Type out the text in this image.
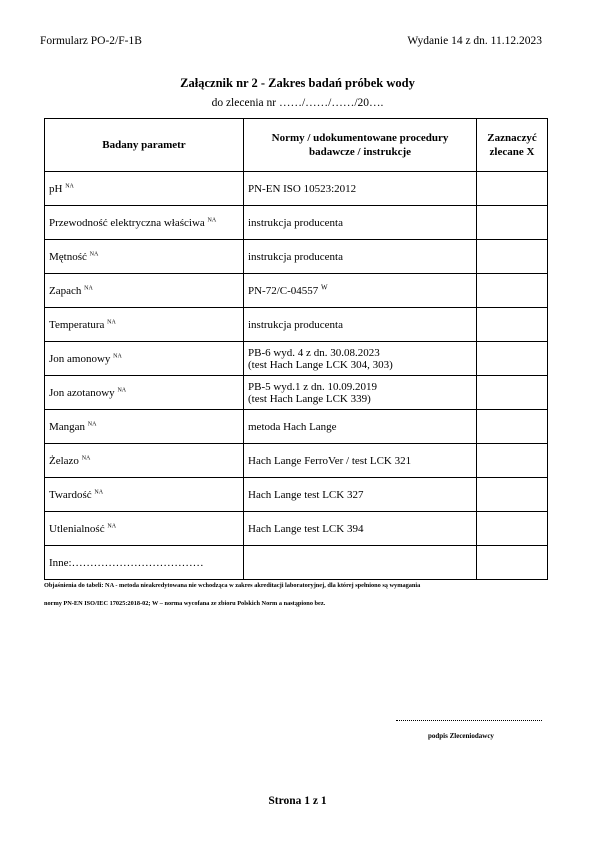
Formularz PO-2/F-1B	Wydanie 14 z dn. 11.12.2023
Załącznik nr 2 - Zakres badań próbek wody
do zlecenia nr ……/……/……/20….
Badany parametr	Normy / udokumentowane procedury badawcze / instrukcje	Zaznaczyć zlecane X
pH $^{NA}$	PN-EN ISO 10523:2012	
Przewodność elektryczna właściwa $^{NA}$	instrukcja producenta	
Mętność $^{NA}$	instrukcja producenta	
Zapach $^{NA}$	PN-72/C-04557 $^W$	
Temperatura $^{NA}$	instrukcja producenta	
Jon amonowy $^{NA}$	PB-6 wyd. 4 z dn. 30.08.2023
(test Hach Lange LCK 304, 303)	
Jon azotanowy $^{NA}$	PB-5 wyd.1 z dn. 10.09.2019
(test Hach Lange LCK 339)	
Mangan $^{NA}$	metoda Hach Lange	
Żelazo $^{NA}$	Hach Lange FerroVer / test LCK 321	
Twardość $^{NA}$	Hach Lange test LCK 327	
Utlenialność $^{NA}$	Hach Lange test LCK 394	
Inne:………………………………		
Objaśnienia do tabeli: NA - metoda nieakredytowana nie wchodząca w zakres akreditacji laboratoryjnej, dla której spełniono są wymagania
normy PN-EN ISO/IEC 17025:2018-02; W – norma wycofana ze zbioru Polskich Norm a nastąpiono bez.
podpis Zleceniodawcy
Strona 1 z 1
